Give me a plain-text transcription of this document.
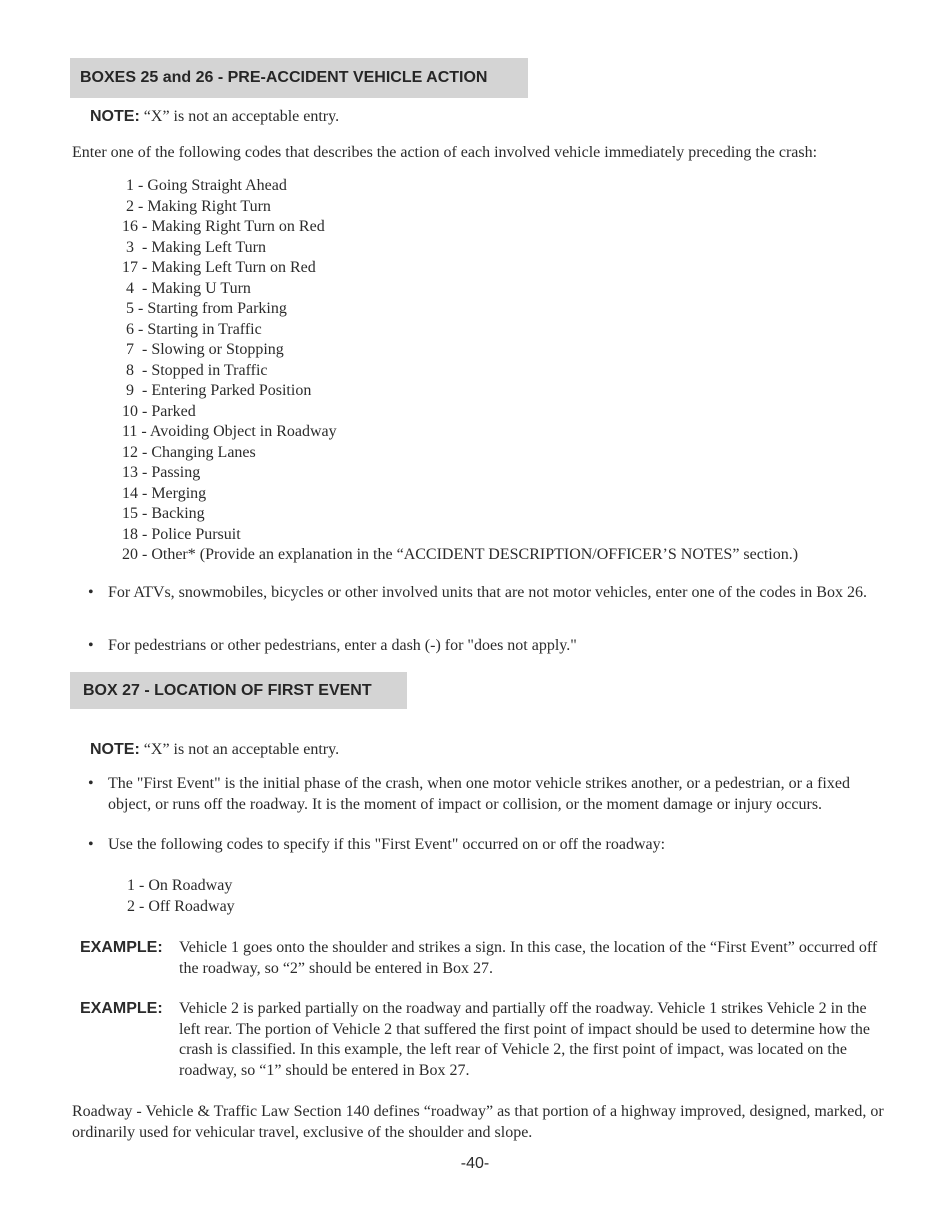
BOXES 25 and 26 - PRE-ACCIDENT VEHICLE ACTION
NOTE: “X” is not an acceptable entry.
Enter one of the following codes that describes the action of each involved vehicle immediately preceding the crash:
1 - Going Straight Ahead
2 - Making Right Turn
16 - Making Right Turn on Red
3  - Making Left Turn
17 - Making Left Turn on Red
4  - Making U Turn
5 - Starting from Parking
6 - Starting in Traffic
7  - Slowing or Stopping
8  - Stopped in Traffic
9  - Entering Parked Position
10 - Parked
11 - Avoiding Object in Roadway
12 - Changing Lanes
13 - Passing
14 - Merging
15 - Backing
18 - Police Pursuit
20 - Other* (Provide an explanation in the “ACCIDENT DESCRIPTION/OFFICER’S NOTES” section.)
• For ATVs, snowmobiles, bicycles or other involved units that are not motor vehicles, enter one of the codes in Box 26.
• For pedestrians or other pedestrians, enter a dash (-) for "does not apply."
BOX 27 - LOCATION OF FIRST EVENT
NOTE: “X” is not an acceptable entry.
• The "First Event" is the initial phase of the crash, when one motor vehicle strikes another, or a pedestrian, or a fixed object, or runs off the roadway. It is the moment of impact or collision, or the moment damage or injury occurs.
• Use the following codes to specify if this "First Event" occurred on or off the roadway:
1 - On Roadway
2 - Off Roadway
EXAMPLE: Vehicle 1 goes onto the shoulder and strikes a sign. In this case, the location of the “First Event” occurred off the roadway, so “2” should be entered in Box 27.
EXAMPLE: Vehicle 2 is parked partially on the roadway and partially off the roadway. Vehicle 1 strikes Vehicle 2 in the left rear. The portion of Vehicle 2 that suffered the first point of impact should be used to determine how the crash is classified. In this example, the left rear of Vehicle 2, the first point of impact, was located on the roadway, so “1” should be entered in Box 27.
Roadway - Vehicle & Traffic Law Section 140 defines “roadway” as that portion of a highway improved, designed, marked, or ordinarily used for vehicular travel, exclusive of the shoulder and slope.
-40-
